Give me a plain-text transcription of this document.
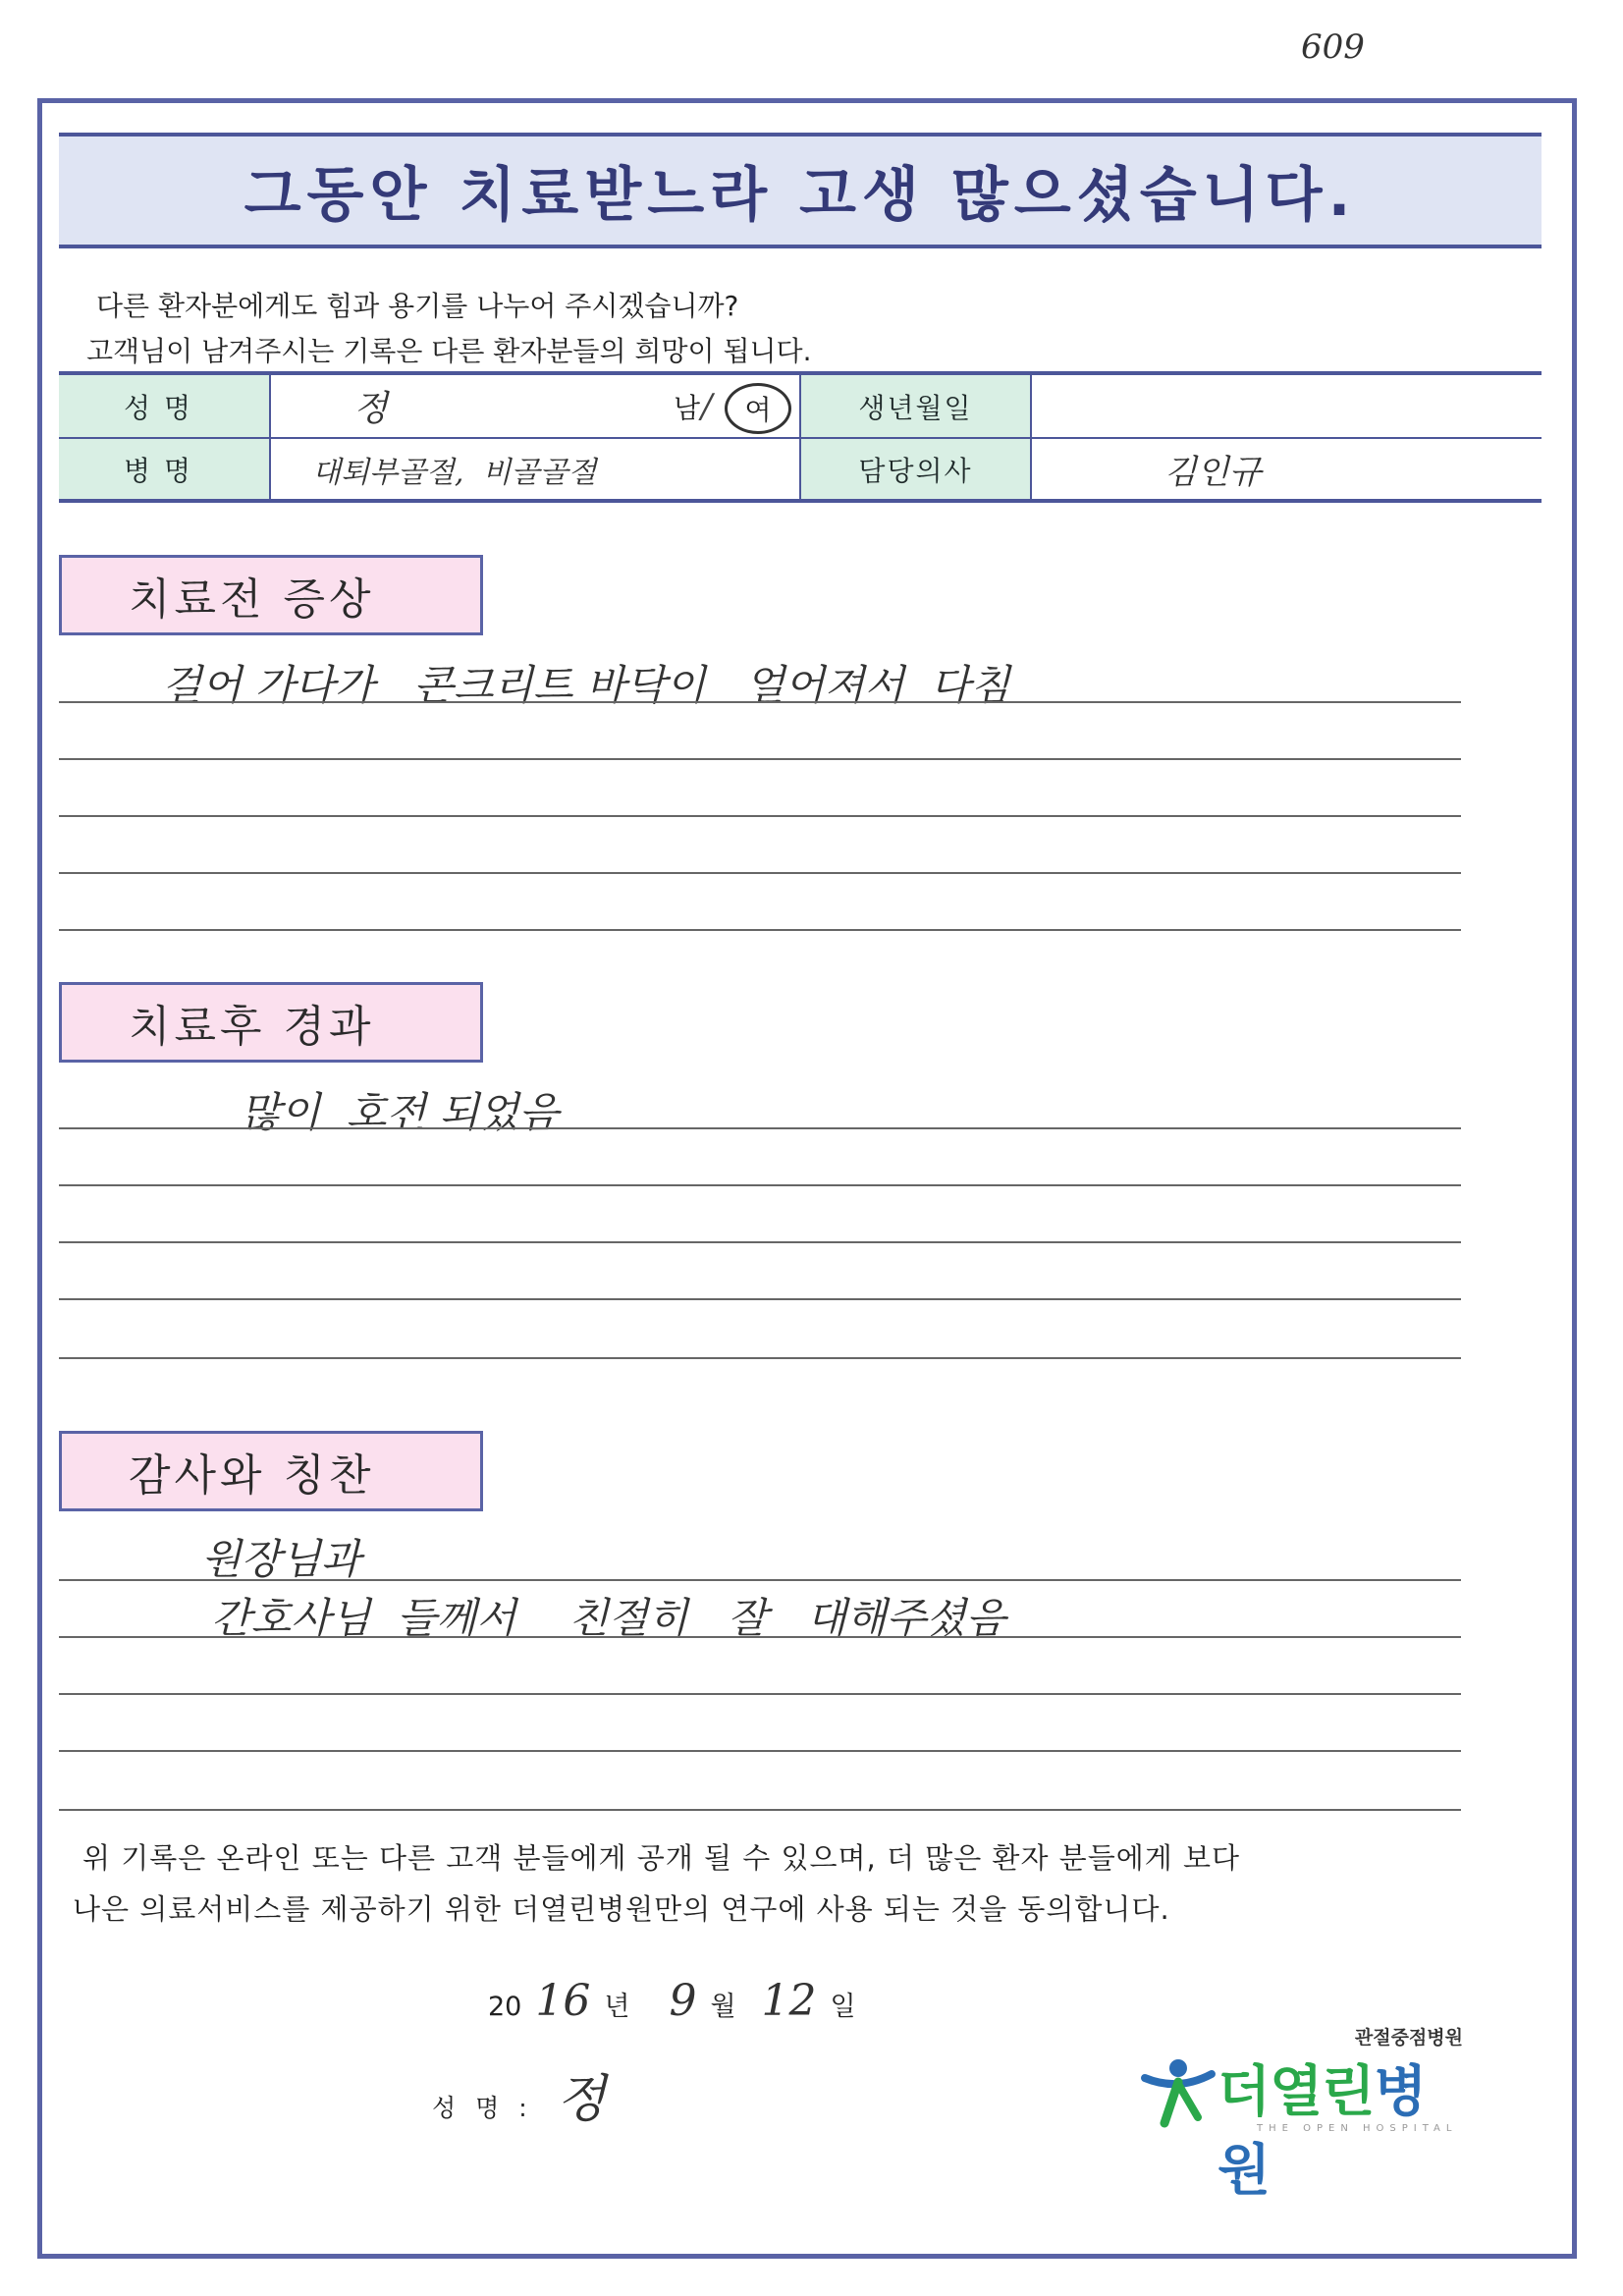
609
그동안 치료받느라 고생 많으셨습니다.
다른 환자분에게도 힘과 용기를 나누어 주시겠습니까?
고객님이 남겨주시는 기록은 다른 환자분들의 희망이 됩니다.
성명	정	남 /	여	생년월일
병명	대퇴부골절,  비골골절	담당의사	김인규
치료전 증상
걸어 가다가   콘크리트 바닥이   얼어져서  다침
치료후 경과
많이  호전 되었음
감사와 칭찬
원장님과
간호사님  들께서    친절히   잘   대해주셨음
위 기록은 온라인 또는 다른 고객 분들에게 공개 될 수 있으며, 더 많은 환자 분들에게 보다
나은 의료서비스를 제공하기 위한 더열린병원만의 연구에 사용 되는 것을 동의합니다.
20 16 년 9 월 12 일
성 명 : 정
관절중점병원
더열린병원
THE OPEN HOSPITAL
